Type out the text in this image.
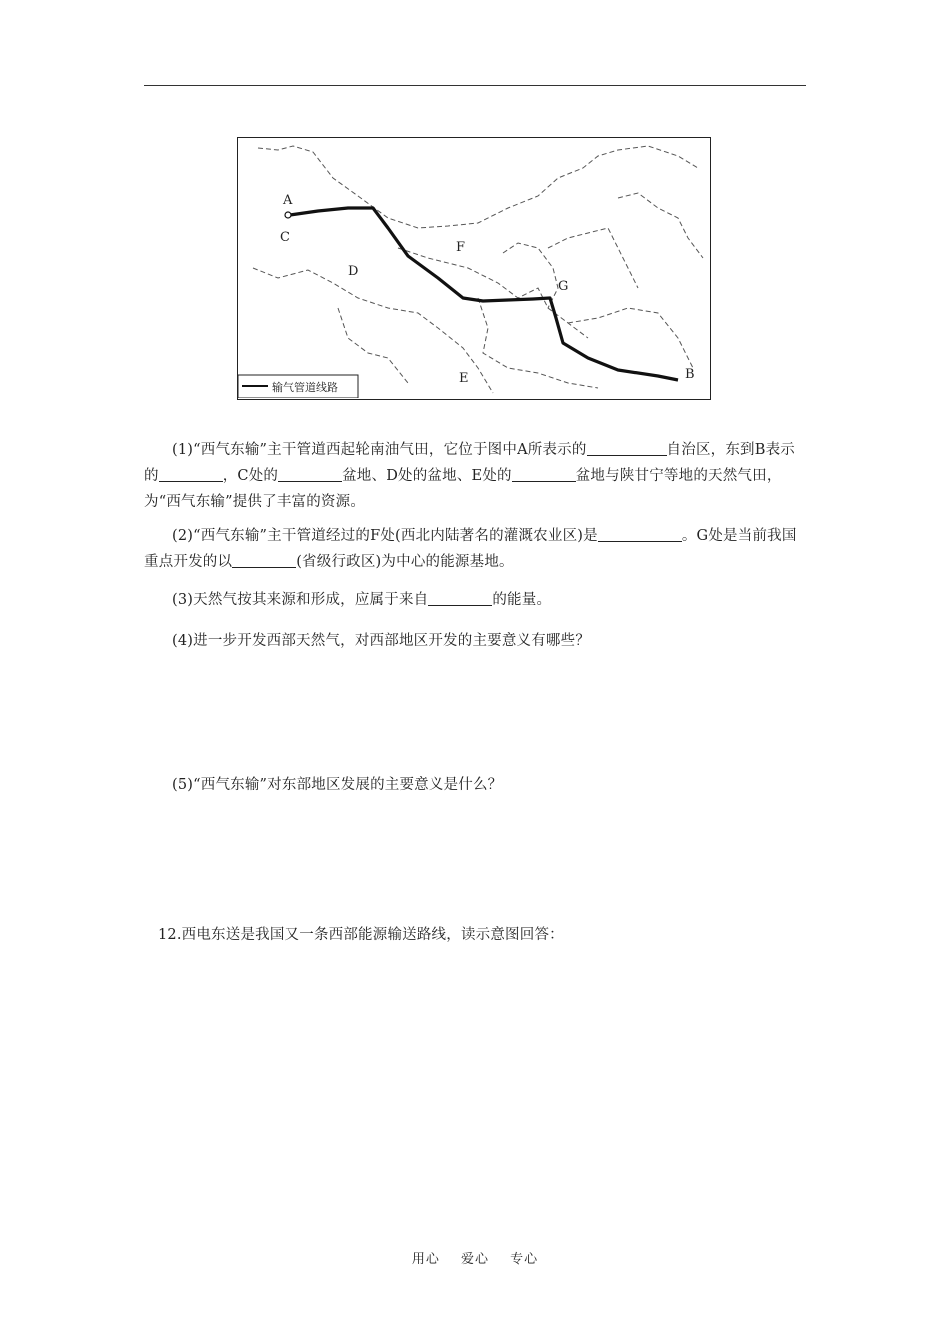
A
C
D
F
G
E	B
输气管道线路
(1)“西气东输”主干管道西起轮南油气田，它位于图中A所表示的	自治区，东到B表示的	，C处的	盆地、D处的盆地、E处的	盆地与陕甘宁等地的天然气田，为“西气东输”提供了丰富的资源。
(2)“西气东输”主干管道经过的F处(西北内陆著名的灌溉农业区)是	。G处是当前我国重点开发的以	(省级行政区)为中心的能源基地。
(3)天然气按其来源和形成，应属于来自	的能量。
(4)进一步开发西部天然气，对西部地区开发的主要意义有哪些？
(5)“西气东输”对东部地区发展的主要意义是什么？
12.西电东送是我国又一条西部能源输送路线，读示意图回答：
用心 爱心 专心
